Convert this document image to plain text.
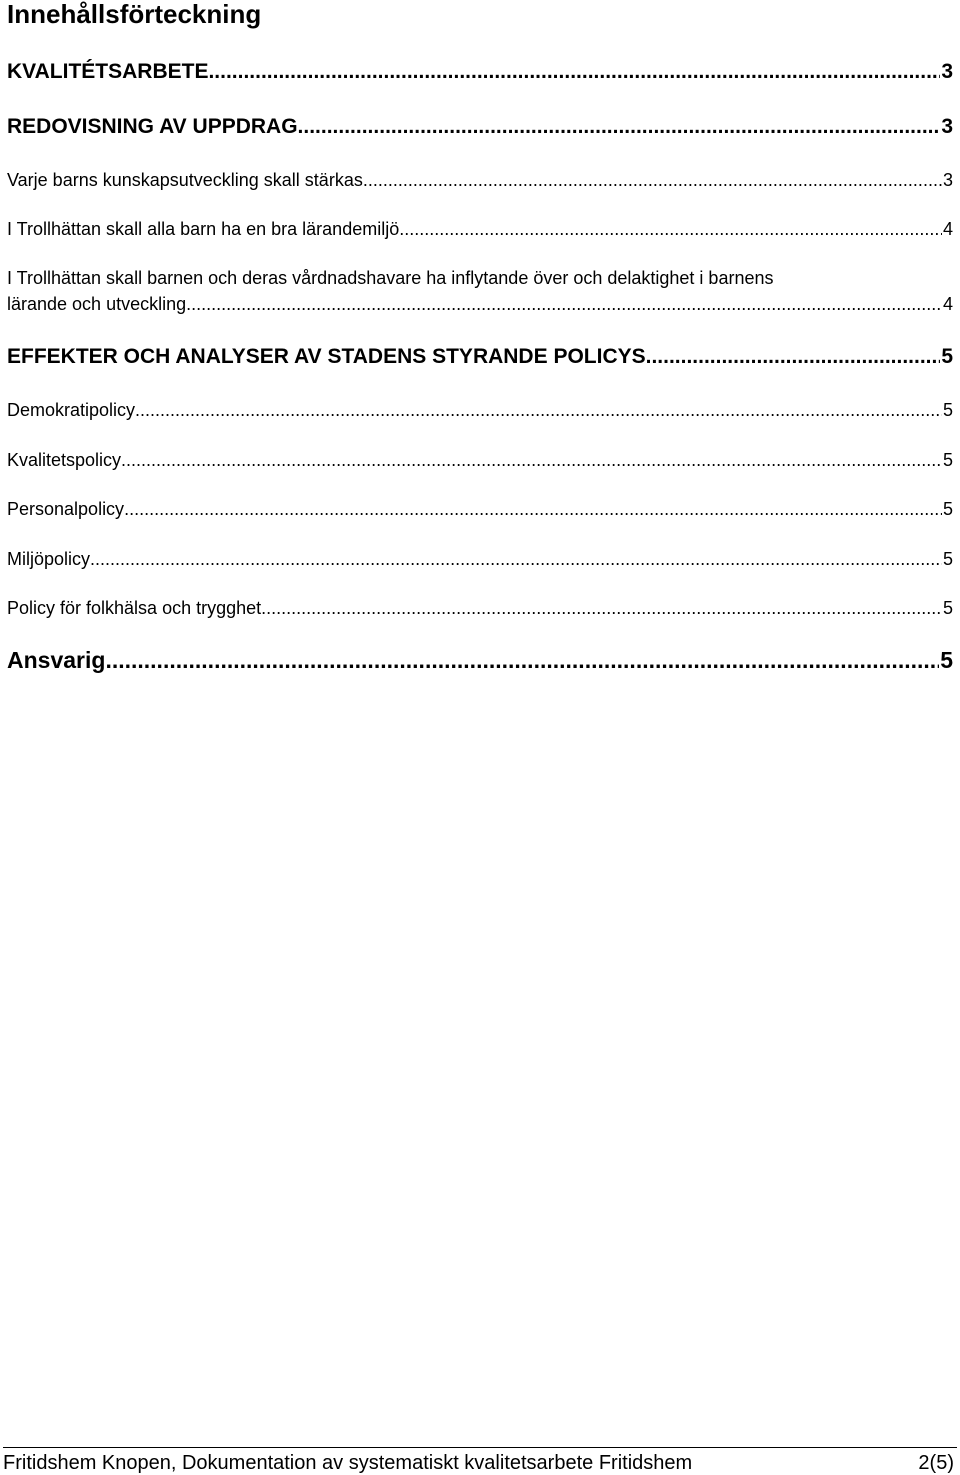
Innehållsförteckning
KVALITÉTSARBETE .....	3
REDOVISNING AV UPPDRAG .....	3
Varje barns kunskapsutveckling skall stärkas .....	3
I Trollhättan skall alla barn ha en bra lärandemiljö .....	4
I Trollhättan skall barnen och deras vårdnadshavare ha inflytande över och delaktighet i barnens
lärande och utveckling .....	4
EFFEKTER OCH ANALYSER AV STADENS STYRANDE POLICYS .....	5
Demokratipolicy .....	5
Kvalitetspolicy .....	5
Personalpolicy .....	5
Miljöpolicy .....	5
Policy för folkhälsa och trygghet .....	5
Ansvarig .....	5
Fritidshem Knopen, Dokumentation av systematiskt kvalitetsarbete Fritidshem	2(5)
